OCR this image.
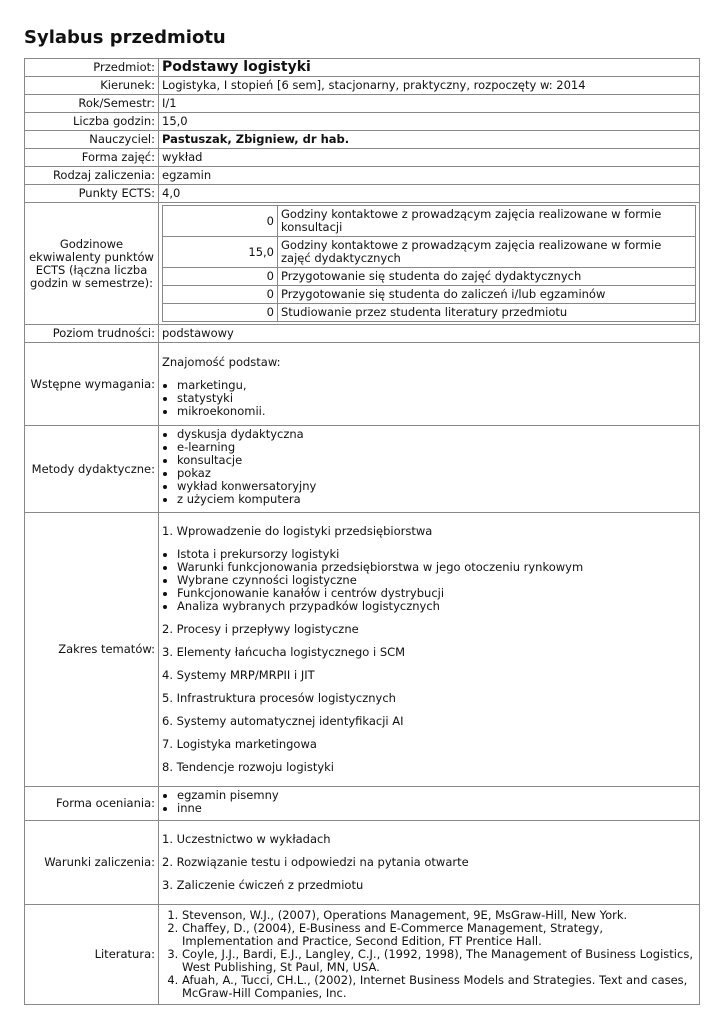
Sylabus przedmiotu
Przedmiot:	Podstawy logistyki
Kierunek:	Logistyka, I stopień [6 sem], stacjonarny, praktyczny, rozpoczęty w: 2014
Rok/Semestr:	I/1
Liczba godzin:	15,0
Nauczyciel:	Pastuszak, Zbigniew, dr hab.
Forma zajęć:	wykład
Rodzaj zaliczenia:	egzamin
Punkty ECTS:	4,0
Godzinowe ekwiwalenty punktów ECTS (łączna liczba godzin w semestrze):	
0	Godziny kontaktowe z prowadzącym zajęcia realizowane w formie konsultacji
15,0	Godziny kontaktowe z prowadzącym zajęcia realizowane w formie zajęć dydaktycznych
0	Przygotowanie się studenta do zajęć dydaktycznych
0	Przygotowanie się studenta do zaliczeń i/lub egzaminów
0	Studiowanie przez studenta literatury przedmiotu

Poziom trudności:	podstawowy
Wstępne wymagania:	

Znajomość podstaw:

• marketingu,
• statystyki
• mikroekonomii.

Metody dydaktyczne:	
• dyskusja dydaktyczna
• e-learning
• konsultacje
• pokaz
• wykład konwersatoryjny
• z użyciem komputera

Zakres tematów:	

1. Wprowadzenie do logistyki przedsiębiorstwa

• Istota i prekursorzy logistyki
• Warunki funkcjonowania przedsiębiorstwa w jego otoczeniu rynkowym
• Wybrane czynności logistyczne
• Funkcjonowanie kanałów i centrów dystrybucji
• Analiza wybranych przypadków logistycznych

2. Procesy i przepływy logistyczne

3. Elementy łańcucha logistycznego i SCM

4. Systemy MRP/MRPII i JIT

5. Infrastruktura procesów logistycznych

6. Systemy automatycznej identyfikacji AI

7. Logistyka marketingowa

8. Tendencje rozwoju logistyki

Forma oceniania:	
• egzamin pisemny
• inne

Warunki zaliczenia:	

1. Uczestnictwo w wykładach

2. Rozwiązanie testu i odpowiedzi na pytania otwarte

3. Zaliczenie ćwiczeń z przedmiotu

Literatura:	
1. Stevenson, W.J., (2007), Operations Management, 9E, MsGraw-Hill, New York.
2. Chaffey, D., (2004), E-Business and E-Commerce Management, Strategy, Implementation and Practice, Second Edition, FT Prentice Hall.
3. Coyle, J.J., Bardi, E.J., Langley, C.J., (1992, 1998), The Management of Business Logistics, West Publishing, St Paul, MN, USA.
4. Afuah, A., Tucci, CH.L., (2002), Internet Business Models and Strategies. Text and cases, McGraw-Hill Companies, Inc.
